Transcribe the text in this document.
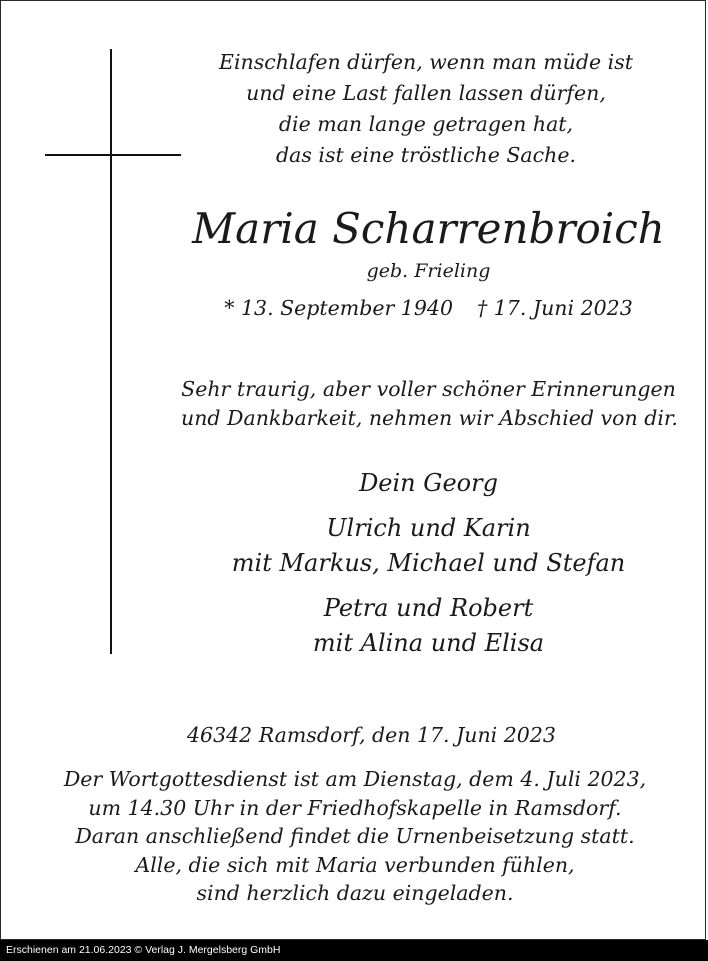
Einschlafen dürfen, wenn man müde ist
und eine Last fallen lassen dürfen,
die man lange getragen hat,
das ist eine tröstliche Sache.
Maria Scharrenbroich
geb. Frieling
* 13. September 1940 † 17. Juni 2023
Sehr traurig, aber voller schöner Erinnerungen
und Dankbarkeit, nehmen wir Abschied von dir.
Dein Georg
Ulrich und Karin
mit Markus, Michael und Stefan
Petra und Robert
mit Alina und Elisa
46342 Ramsdorf, den 17. Juni 2023
Der Wortgottesdienst ist am Dienstag, dem 4. Juli 2023,
um 14.30 Uhr in der Friedhofskapelle in Ramsdorf.
Daran anschließend findet die Urnenbeisetzung statt.
Alle, die sich mit Maria verbunden fühlen,
sind herzlich dazu eingeladen.
Erschienen am 21.06.2023 © Verlag J. Mergelsberg GmbH
